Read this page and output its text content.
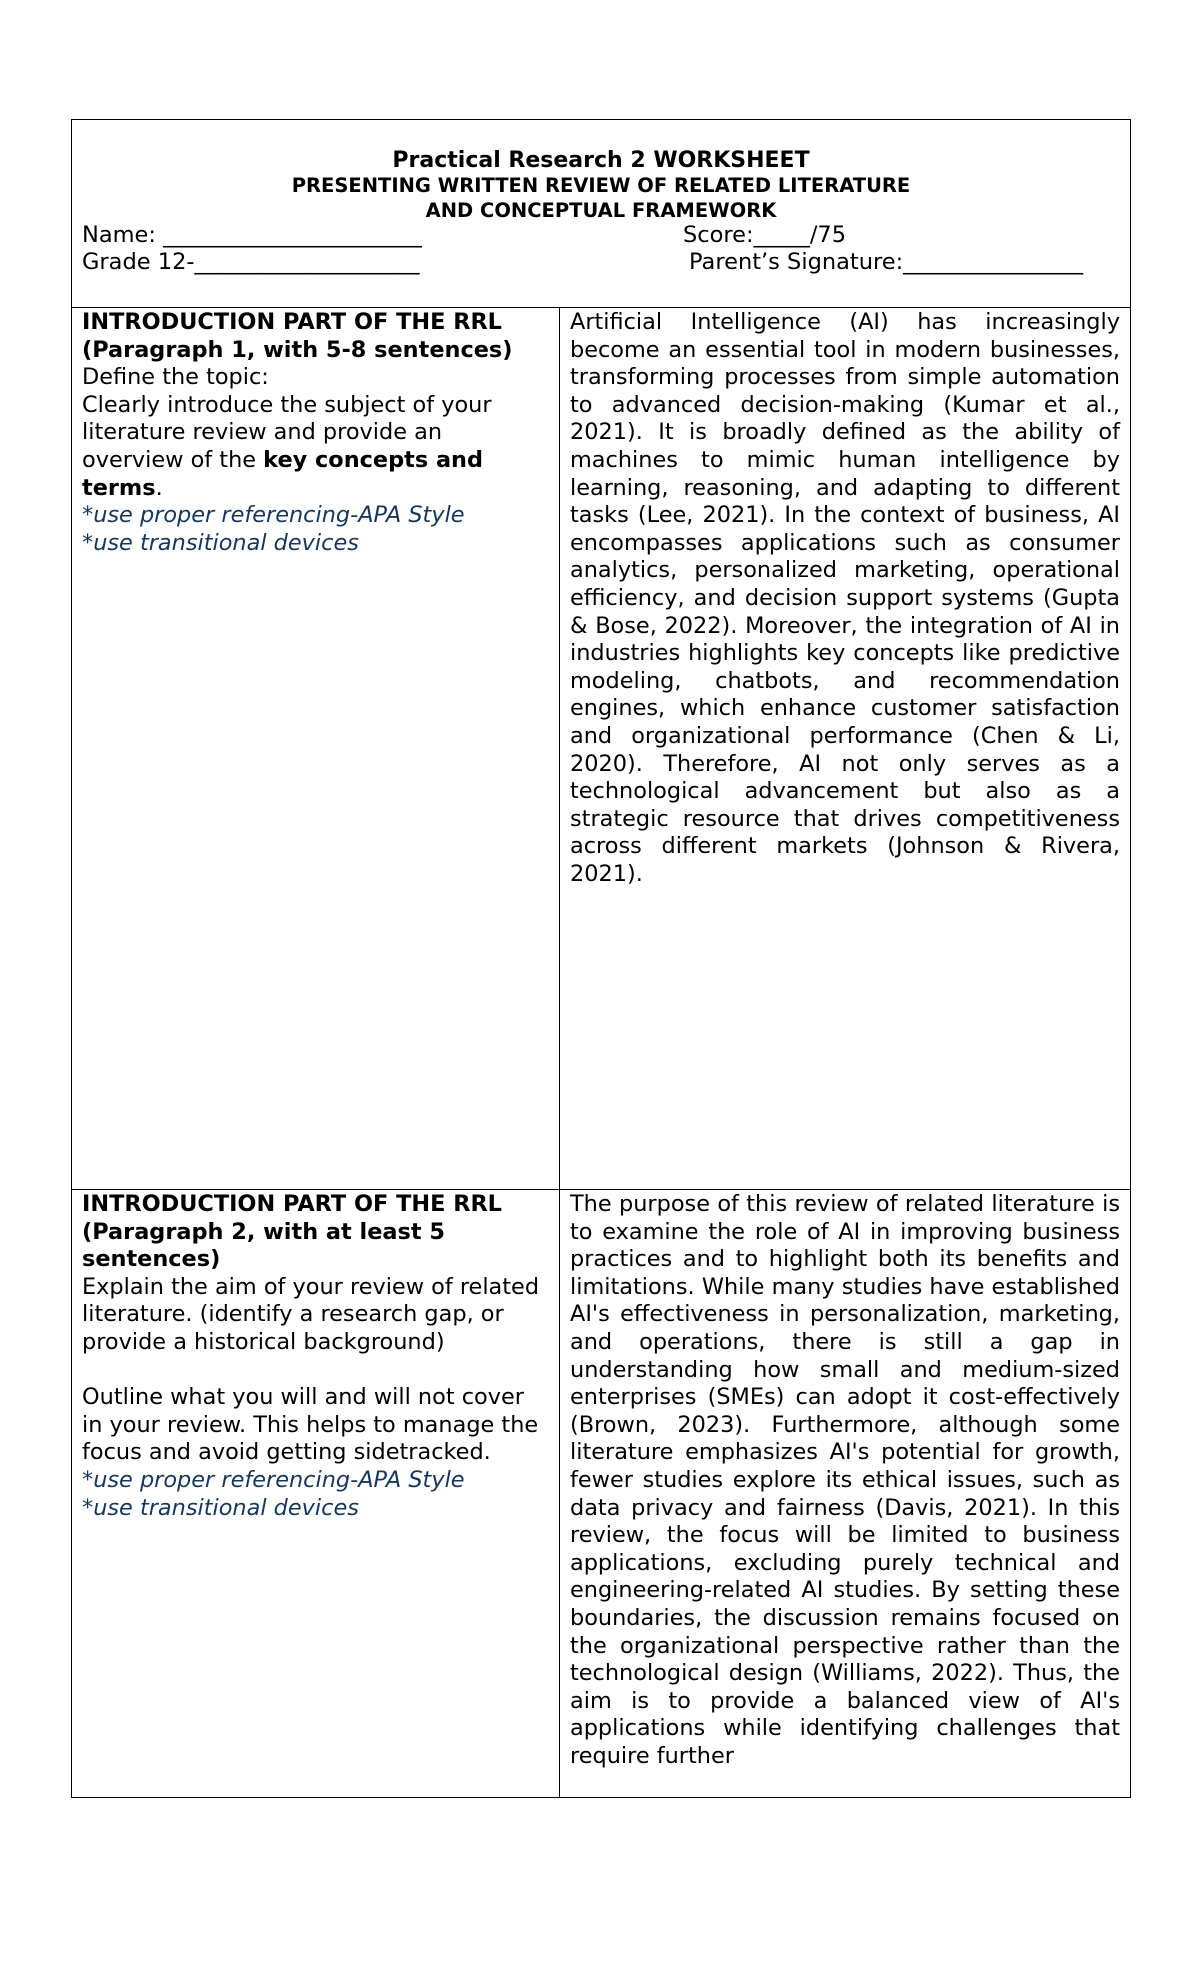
Practical Research 2 WORKSHEET
PRESENTING WRITTEN REVIEW OF RELATED LITERATURE
AND CONCEPTUAL FRAMEWORK
Name: _______________________	Score:_____/75
Grade 12-____________________	Parent’s Signature:________________

INTRODUCTION PART OF THE RRL
(Paragraph 1, with 5-8 sentences)

Define the topic:

Clearly introduce the subject of your literature review and provide an overview of the key concepts and terms.

*use proper referencing-APA Style

*use transitional devices

Artificial Intelligence (AI) has increasingly become an essential tool in modern businesses, transforming processes from simple automation to advanced decision-making (Kumar et al., 2021). It is broadly defined as the ability of machines to mimic human intelligence by learning, reasoning, and adapting to different tasks (Lee, 2021). In the context of business, AI encompasses applications such as consumer analytics, personalized marketing, operational efficiency, and decision support systems (Gupta & Bose, 2022). Moreover, the integration of AI in industries highlights key concepts like predictive modeling, chatbots, and recommendation engines, which enhance customer satisfaction and organizational performance (Chen & Li, 2020). Therefore, AI not only serves as a technological advancement but also as a strategic resource that drives competitiveness across different markets (Johnson & Rivera, 2021).

INTRODUCTION PART OF THE RRL
(Paragraph 2, with at least 5 sentences)

Explain the aim of your review of related literature. (identify a research gap, or provide a historical background)

Outline what you will and will not cover in your review. This helps to manage the focus and avoid getting sidetracked.

*use proper referencing-APA Style

*use transitional devices

The purpose of this review of related literature is to examine the role of AI in improving business practices and to highlight both its benefits and limitations. While many studies have established AI's effectiveness in personalization, marketing, and operations, there is still a gap in understanding how small and medium-sized enterprises (SMEs) can adopt it cost-effectively (Brown, 2023). Furthermore, although some literature emphasizes AI's potential for growth, fewer studies explore its ethical issues, such as data privacy and fairness (Davis, 2021). In this review, the focus will be limited to business applications, excluding purely technical and engineering-related AI studies. By setting these boundaries, the discussion remains focused on the organizational perspective rather than the technological design (Williams, 2022). Thus, the aim is to provide a balanced view of AI's applications while identifying challenges that require further
